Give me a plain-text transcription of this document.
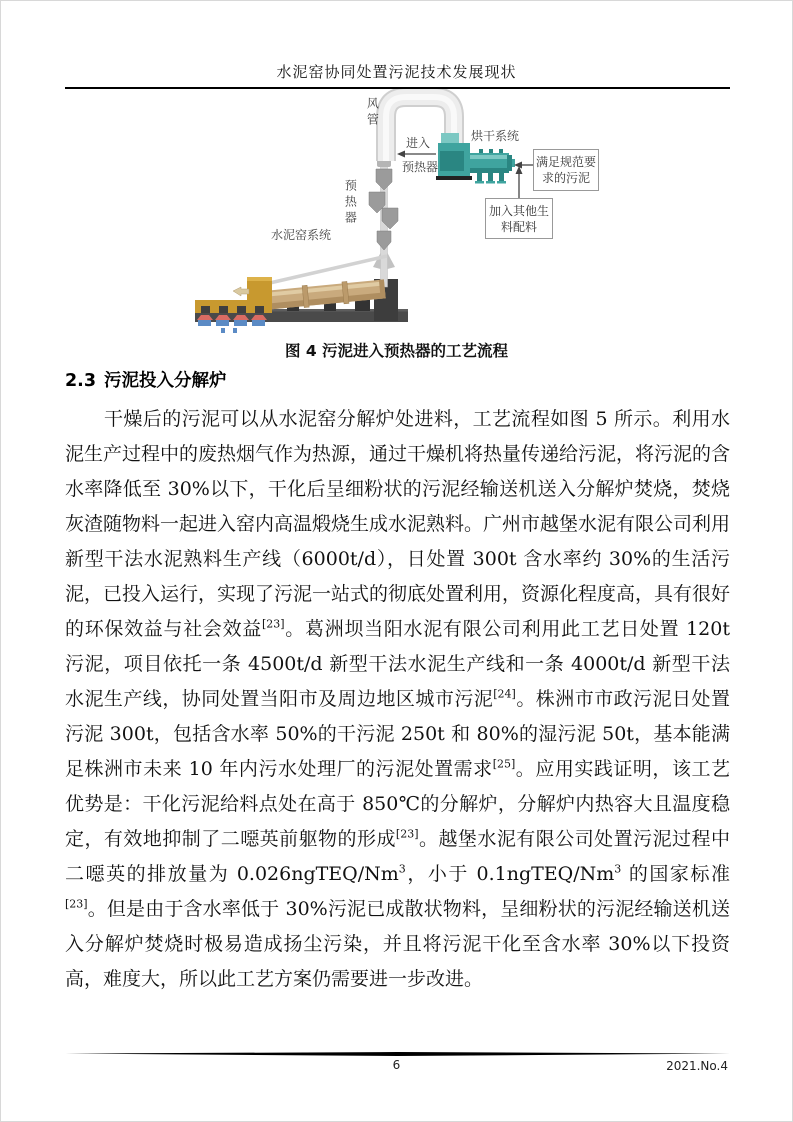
水泥窑协同处置污泥技术发展现状
风管
进入
预热器
烘干系统
预热器
水泥窑系统
满足规范要
求的污泥
加入其他生
料配料
图 4 污泥进入预热器的工艺流程
2.3 污泥投入分解炉
干燥后的污泥可以从水泥窑分解炉处进料，工艺流程如图 5 所示。利用水泥生产过程中的废热烟气作为热源，通过干燥机将热量传递给污泥，将污泥的含水率降低至 30%以下，干化后呈细粉状的污泥经输送机送入分解炉焚烧，焚烧灰渣随物料一起进入窑内高温煅烧生成水泥熟料。广州市越堡水泥有限公司利用新型干法水泥熟料生产线（6000t/d），日处置 300t 含水率约 30%的生活污泥，已投入运行，实现了污泥一站式的彻底处置利用，资源化程度高，具有很好的环保效益与社会效益[23]。葛洲坝当阳水泥有限公司利用此工艺日处置 120t 污泥，项目依托一条 4500t/d 新型干法水泥生产线和一条 4000t/d 新型干法水泥生产线，协同处置当阳市及周边地区城市污泥[24]。株洲市市政污泥日处置污泥 300t，包括含水率 50%的干污泥 250t 和 80%的湿污泥 50t，基本能满足株洲市未来 10 年内污水处理厂的污泥处置需求[25]。应用实践证明，该工艺优势是：干化污泥给料点处在高于 850℃的分解炉，分解炉内热容大且温度稳定，有效地抑制了二噁英前躯物的形成[23]。越堡水泥有限公司处置污泥过程中二噁英的排放量为 0.026ngTEQ/Nm$^3$，小于 0.1ngTEQ/Nm$^3$ 的国家标准[23]。但是由于含水率低于 30%污泥已成散状物料，呈细粉状的污泥经输送机送入分解炉焚烧时极易造成扬尘污染，并且将污泥干化至含水率 30%以下投资高，难度大，所以此工艺方案仍需要进一步改进。
6	2021.No.4
